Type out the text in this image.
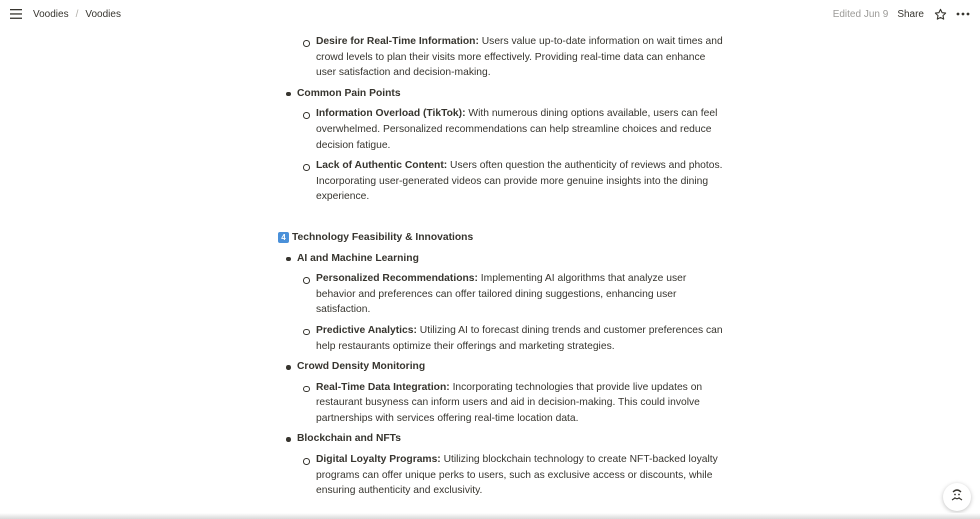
Voodies / Voodies	Edited Jun 9 Share
Desire for Real-Time Information: Users value up-to-date information on wait times and crowd levels to plan their visits more effectively. Providing real-time data can enhance user satisfaction and decision-making.
Common Pain Points
Information Overload (TikTok): With numerous dining options available, users can feel overwhelmed. Personalized recommendations can help streamline choices and reduce decision fatigue.
Lack of Authentic Content: Users often question the authenticity of reviews and photos. Incorporating user-generated videos can provide more genuine insights into the dining experience.
4 Technology Feasibility & Innovations
AI and Machine Learning
Personalized Recommendations: Implementing AI algorithms that analyze user behavior and preferences can offer tailored dining suggestions, enhancing user satisfaction.
Predictive Analytics: Utilizing AI to forecast dining trends and customer preferences can help restaurants optimize their offerings and marketing strategies.
Crowd Density Monitoring
Real-Time Data Integration: Incorporating technologies that provide live updates on restaurant busyness can inform users and aid in decision-making. This could involve partnerships with services offering real-time location data.
Blockchain and NFTs
Digital Loyalty Programs: Utilizing blockchain technology to create NFT-backed loyalty programs can offer unique perks to users, such as exclusive access or discounts, while ensuring authenticity and exclusivity.
